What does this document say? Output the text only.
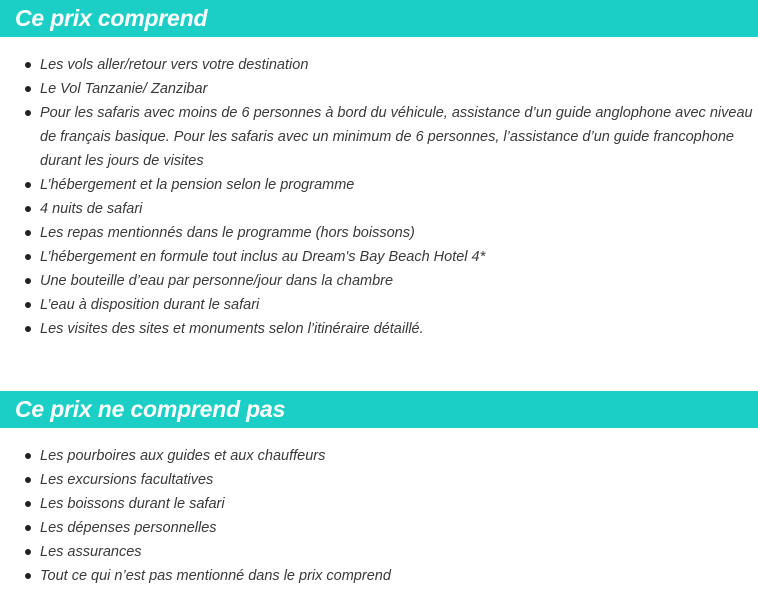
Ce prix comprend
Les vols aller/retour vers votre destination
Le Vol Tanzanie/ Zanzibar
Pour les safaris avec moins de 6 personnes à bord du véhicule, assistance d’un guide anglophone avec niveau de français basique. Pour les safaris avec un minimum de 6 personnes, l’assistance d’un guide francophone durant les jours de visites
L’hébergement et la pension selon le programme
4 nuits de safari
Les repas mentionnés dans le programme (hors boissons)
L’hébergement en formule tout inclus au Dream's Bay Beach Hotel 4*
Une bouteille d’eau par personne/jour dans la chambre
L’eau à disposition durant le safari
Les visites des sites et monuments selon l’itinéraire détaillé.
Ce prix ne comprend pas
Les pourboires aux guides et aux chauffeurs
Les excursions facultatives
Les boissons durant le safari
Les dépenses personnelles
Les assurances
Tout ce qui n’est pas mentionné dans le prix comprend
